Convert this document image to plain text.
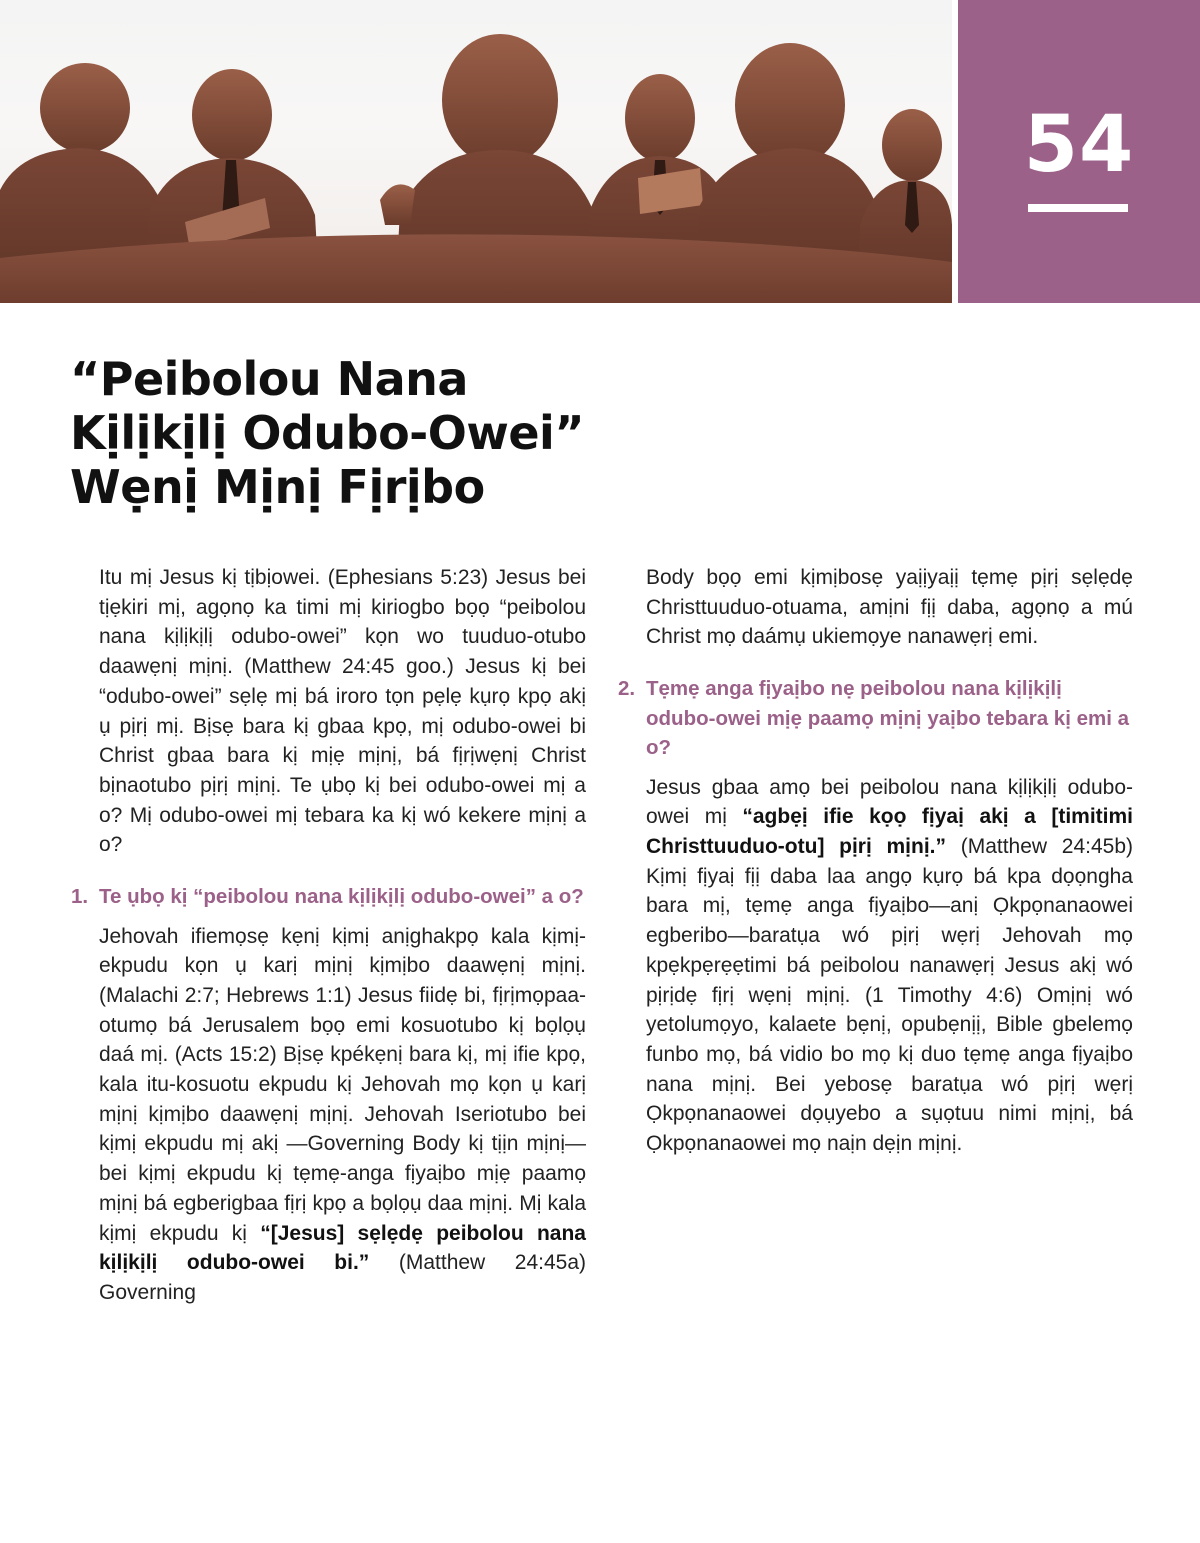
54
“Peibolou Nana
Kịlịkịlị Odubo-Owei”
Wẹnị Mịnị Fịrịbo

Itu mị Jesus kị tịbịowei. (Ephesians 5:23) Jesus bei tịẹkiri mị, agọnọ ka timi mị kiriogbo bọọ “peibolou nana kịlịkịlị odubo-owei” kọn wo tuuduo-otubo daawẹnị mịnị. (Matthew 24:45 goo.) Jesus kị bei “odubo-owei” sẹlẹ mị bá iroro tọn pẹlẹ kụrọ kpọ akị ụ pịrị mị. Bịsẹ bara kị gbaa kpọ, mị odubo-owei bi Christ gbaa bara kị mịẹ mịnị, bá fịrịwẹnị Christ bịnaotubo pịrị mịnị. Te ụbọ kị bei odubo-owei mị a o? Mị odubo-owei mị tebara ka kị wó kekere mịnị a o?

1. Te ụbọ kị “peibolou nana kịlịkịlị odubo-owei” a o?

Jehovah ifiemọsẹ kẹnị kịmị anịghakpọ kala kịmị-ekpudu kọn ụ karị mịnị kịmịbo daawẹnị mịnị. (Malachi 2:7; Hebrews 1:1) Jesus fiidẹ bi, fịrịmọpaa-otumọ bá Jerusalem bọọ emi kosuotubo kị bọlọụ daá mị. (Acts 15:2) Bịsẹ kpékẹnị bara kị, mị ifie kpọ, kala itu-kosuotu ekpudu kị Jehovah mọ kọn ụ karị mịnị kịmịbo daawẹnị mịnị. Jehovah Iseriotubo bei kịmị ekpudu mị akị —Governing Body kị tịịn mịnị—bei kịmị ekpudu kị tẹmẹ-anga fịyaịbo mịẹ paamọ mịnị bá egberigbaa fịrị kpọ a bọlọụ daa mịnị. Mị kala kịmị ekpudu kị “[Jesus] sẹlẹdẹ peibolou nana kịlịkịlị odubo-owei bi.” (Matthew 24:45a) Governing

Body bọọ emi kịmịbosẹ yaịịyaịị tẹmẹ pịrị sẹlẹdẹ Christtuuduo-otuama, amịni fịị daba, agọnọ a mú Christ mọ daámụ ukiemọye nanawẹrị emi.

2. Tẹmẹ anga fịyaịbo nẹ peibolou nana kịlịkịlị odubo-owei mịẹ paamọ mịnị yaịbo tebara kị emi a o?

Jesus gbaa amọ bei peibolou nana kịlịkịlị odubo-owei mị “agbẹị ifie kọọ fịyaị akị a [timitimi Christtuuduo-otu] pịrị mịnị.” (Matthew 24:45b) Kịmị fịyaị fịị daba laa angọ kụrọ bá kpa dọọngha bara mị, tẹmẹ anga fịyaịbo—anị Ọkpọnanaowei egberibo—baratụa wó pịrị wẹrị Jehovah mọ kpẹkpẹrẹẹtimi bá peibolou nanawẹrị Jesus akị wó pịrịdẹ fịrị wẹnị mịnị. (1 Timothy 4:6) Omịnị wó yetolumọyo, kalaete bẹnị, opubẹnịị, Bible gbelemọ funbo mọ, bá vidio bo mọ kị duo tẹmẹ anga fịyaịbo nana mịnị. Bei yebosẹ baratụa wó pịrị wẹrị Ọkpọnanaowei dọụyebo a sụọtuu nimi mịnị, bá Ọkpọnanaowei mọ naịn dẹịn mịnị.
